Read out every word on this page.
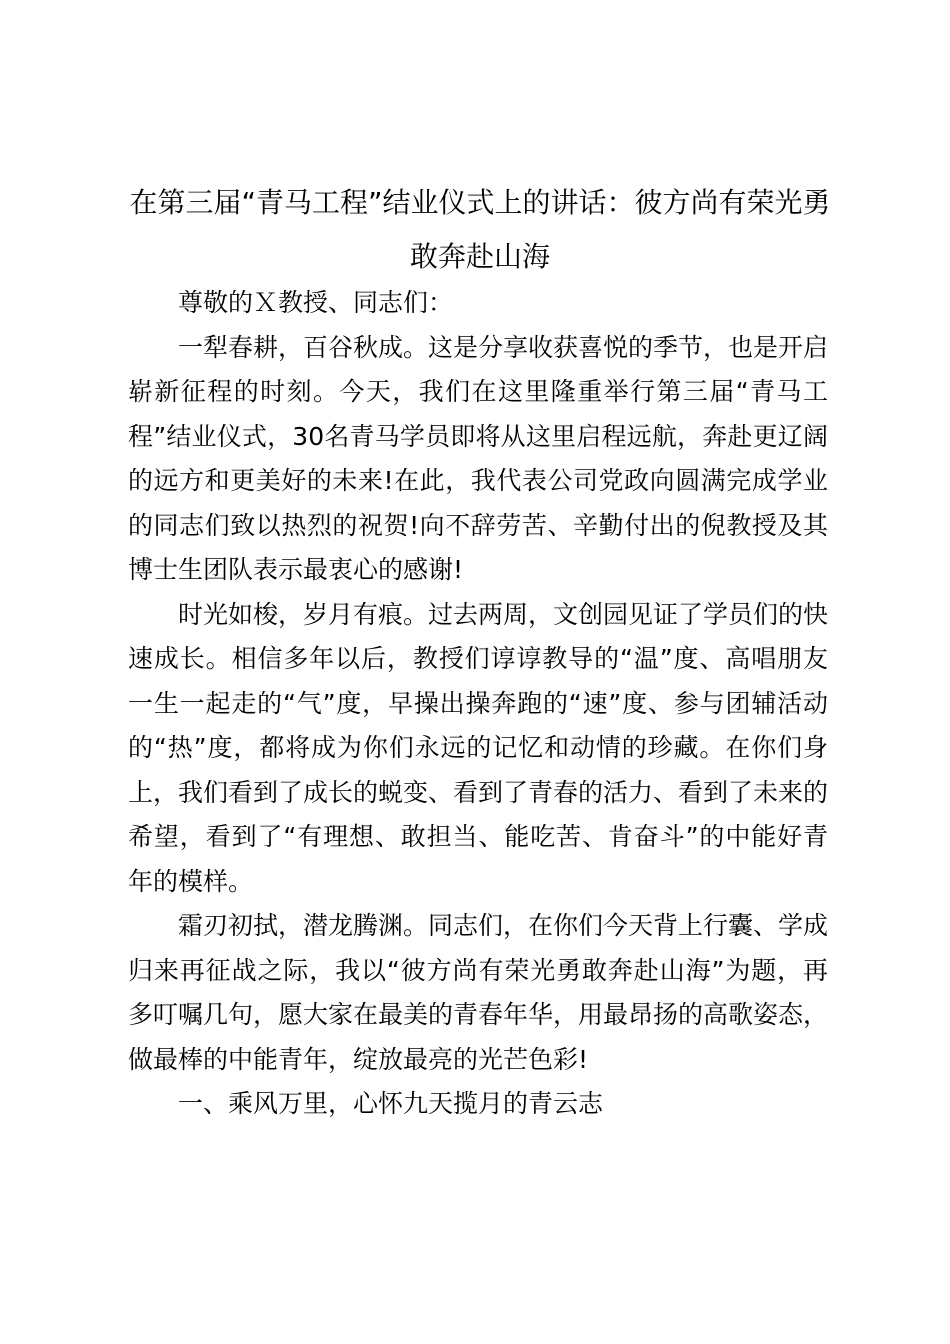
在第三届“青马工程”结业仪式上的讲话：彼方尚有荣光勇敢奔赴山海

尊敬的Ｘ教授、同志们：

一犁春耕，百谷秋成。这是分享收获喜悦的季节，也是开启崭新征程的时刻。今天，我们在这里隆重举行第三届“青马工程”结业仪式，30名青马学员即将从这里启程远航，奔赴更辽阔的远方和更美好的未来!在此，我代表公司党政向圆满完成学业的同志们致以热烈的祝贺!向不辞劳苦、辛勤付出的倪教授及其博士生团队表示最衷心的感谢!

时光如梭，岁月有痕。过去两周，文创园见证了学员们的快速成长。相信多年以后，教授们谆谆教导的“温”度、高唱朋友一生一起走的“气”度，早操出操奔跑的“速”度、参与团辅活动的“热”度，都将成为你们永远的记忆和动情的珍藏。在你们身上，我们看到了成长的蜕变、看到了青春的活力、看到了未来的希望，看到了“有理想、敢担当、能吃苦、肯奋斗”的中能好青年的模样。

霜刃初拭，潜龙腾渊。同志们，在你们今天背上行囊、学成归来再征战之际，我以“彼方尚有荣光勇敢奔赴山海”为题，再多叮嘱几句，愿大家在最美的青春年华，用最昂扬的高歌姿态，做最棒的中能青年，绽放最亮的光芒色彩!

一、乘风万里，心怀九天揽月的青云志
